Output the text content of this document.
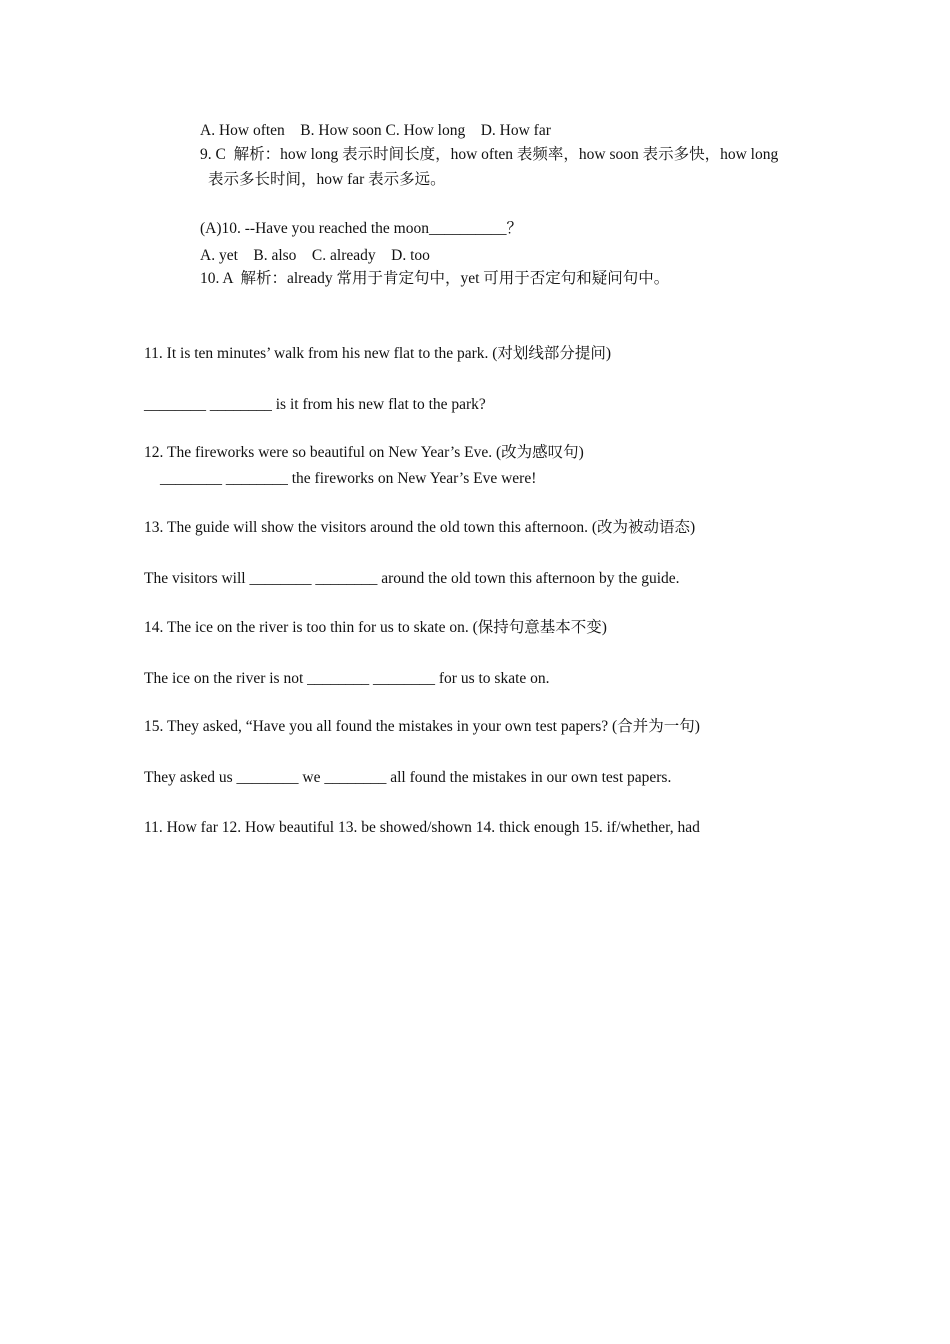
A. How often    B. How soon C. How long    D. How far
9. C  解析：how long 表示时间长度，how often 表频率，how soon 表示多快，how long
表示多长时间，how far 表示多远。
(A)10. --Have you reached the moon__________？
A. yet    B. also    C. already    D. too
10. A  解析：already 常用于肯定句中，yet 可用于否定句和疑问句中。
11. It is ten minutes’ walk from his new flat to the park. (对划线部分提问)
________ ________ is it from his new flat to the park?
12. The fireworks were so beautiful on New Year’s Eve. (改为感叹句)
________ ________ the fireworks on New Year’s Eve were!
13. The guide will show the visitors around the old town this afternoon. (改为被动语态)
The visitors will ________ ________ around the old town this afternoon by the guide.
14. The ice on the river is too thin for us to skate on. (保持句意基本不变)
The ice on the river is not ________ ________ for us to skate on.
15. They asked, “Have you all found the mistakes in your own test papers? (合并为一句)
They asked us ________ we ________ all found the mistakes in our own test papers.
11. How far 12. How beautiful 13. be showed/shown 14. thick enough 15. if/whether, had
